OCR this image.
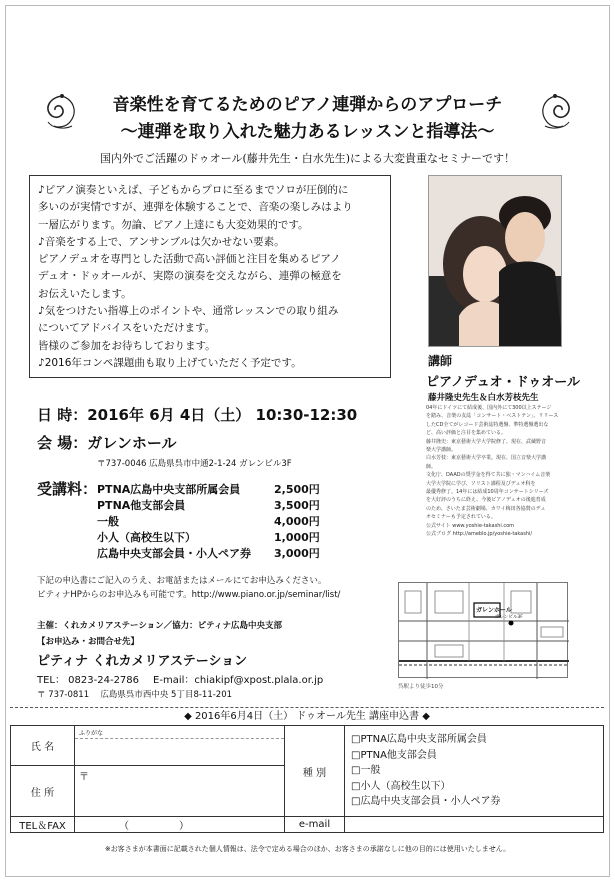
音楽性を育てるためのピアノ連弾からのアプローチ
～連弾を取り入れた魅力あるレッスンと指導法～
国内外でご活躍のドゥオール(藤井先生・白水先生)による大変貴重なセミナーです！
♪ピアノ演奏といえば、子どもからプロに至るまでソロが圧倒的に
多いのが実情ですが、連弾を体験することで、音楽の楽しみはより
一層広がります。勿論、ピアノ上達にも大変効果的です。
♪音楽をする上で、アンサンブルは欠かせない要素。
ピアノデュオを専門とした活動で高い評価と注目を集めるピアノ
デュオ・ドゥオールが、実際の演奏を交えながら、連弾の極意を
お伝えいたします。
♪気をつけたい指導上のポイントや、通常レッスンでの取り組み
についてアドバイスをいただけます。
皆様のご参加をお待ちしております。
♪2016年コンペ課題曲も取り上げていただく予定です。	講師
ピアノデュオ・ドゥオール
藤井隆史先生＆白水芳枝先生
04年にドイツにて結成後、国内外にて300以上ステージ
を踏み、音楽の友誌「コンサート・ベストテン」、リリース
したCD全てがレコード芸術誌特選盤、準特選盤選出な
ど、高い評価と注目を集めている。
藤井隆史：東京藝術大学大学院修了。現在、武蔵野音
楽大学講師。
白水芳枝：東京藝術大学卒業。現在、国立音楽大学講
師。
文化庁、DAADの奨学金を得て共に独・マンハイム音楽
大学大学院に学び、ソリスト課程及びデュオ科を
最優秀修了。14年には結成10周年コンサートシリーズ
を大好評のうちに終え、今後ピアノデュオの後進育成
のため、さいたま芸術劇場、カワイ梅田各協賛のデュ
オセミナーも予定されている。
公式サイト www.yoshie-takashi.com
公式ブログ http://ameblo.jp/yoshie-takashi/
日 時：2016年 6月 4日（土） 10:30-12:30
会 場：ガレンホール
〒737-0046 広島県呉市中通2-1-24 ガレンビル3F
受講料： PTNA広島中央支部所属会員	2,500円
PTNA他支部会員	3,500円
一般	4,000円
小人（高校生以下）	1,000円
広島中央支部会員・小人ペア券 3,000円
下記の申込書にご記入のうえ、お電話またはメールにてお申込みください。
ピティナHPからのお申込みも可能です。http://www.piano.or.jp/seminar/list/
主催：くれカメリアステーション／協力：ピティナ広島中央支部
【お申込み・お問合せ先】
ピティナ くれカメリアステーション
TEL： 0823-24-2786 E-mail：chiakipf@xpost.plala.or.jp
〒 737-0811　 広島県呉市西中央 5丁目8-11-201
ガレンホール
ガレンビル3F
呉駅より徒歩10分
◆ 2016年6月4日（土） ドゥオール先生 講座申込書 ◆
氏 名	ふりがな	種 別	□PTNA広島中央支部所属会員
□PTNA他支部会員
□一般
□小人（高校生以下）
□広島中央支部会員・小人ペア券

住 所	〒		
TEL＆FAX	（　　　　　）	e-mail	
※お客さまが本書面に記載された個人情報は、法令で定める場合のほか、お客さまの承諾なしに他の目的には使用いたしません。
